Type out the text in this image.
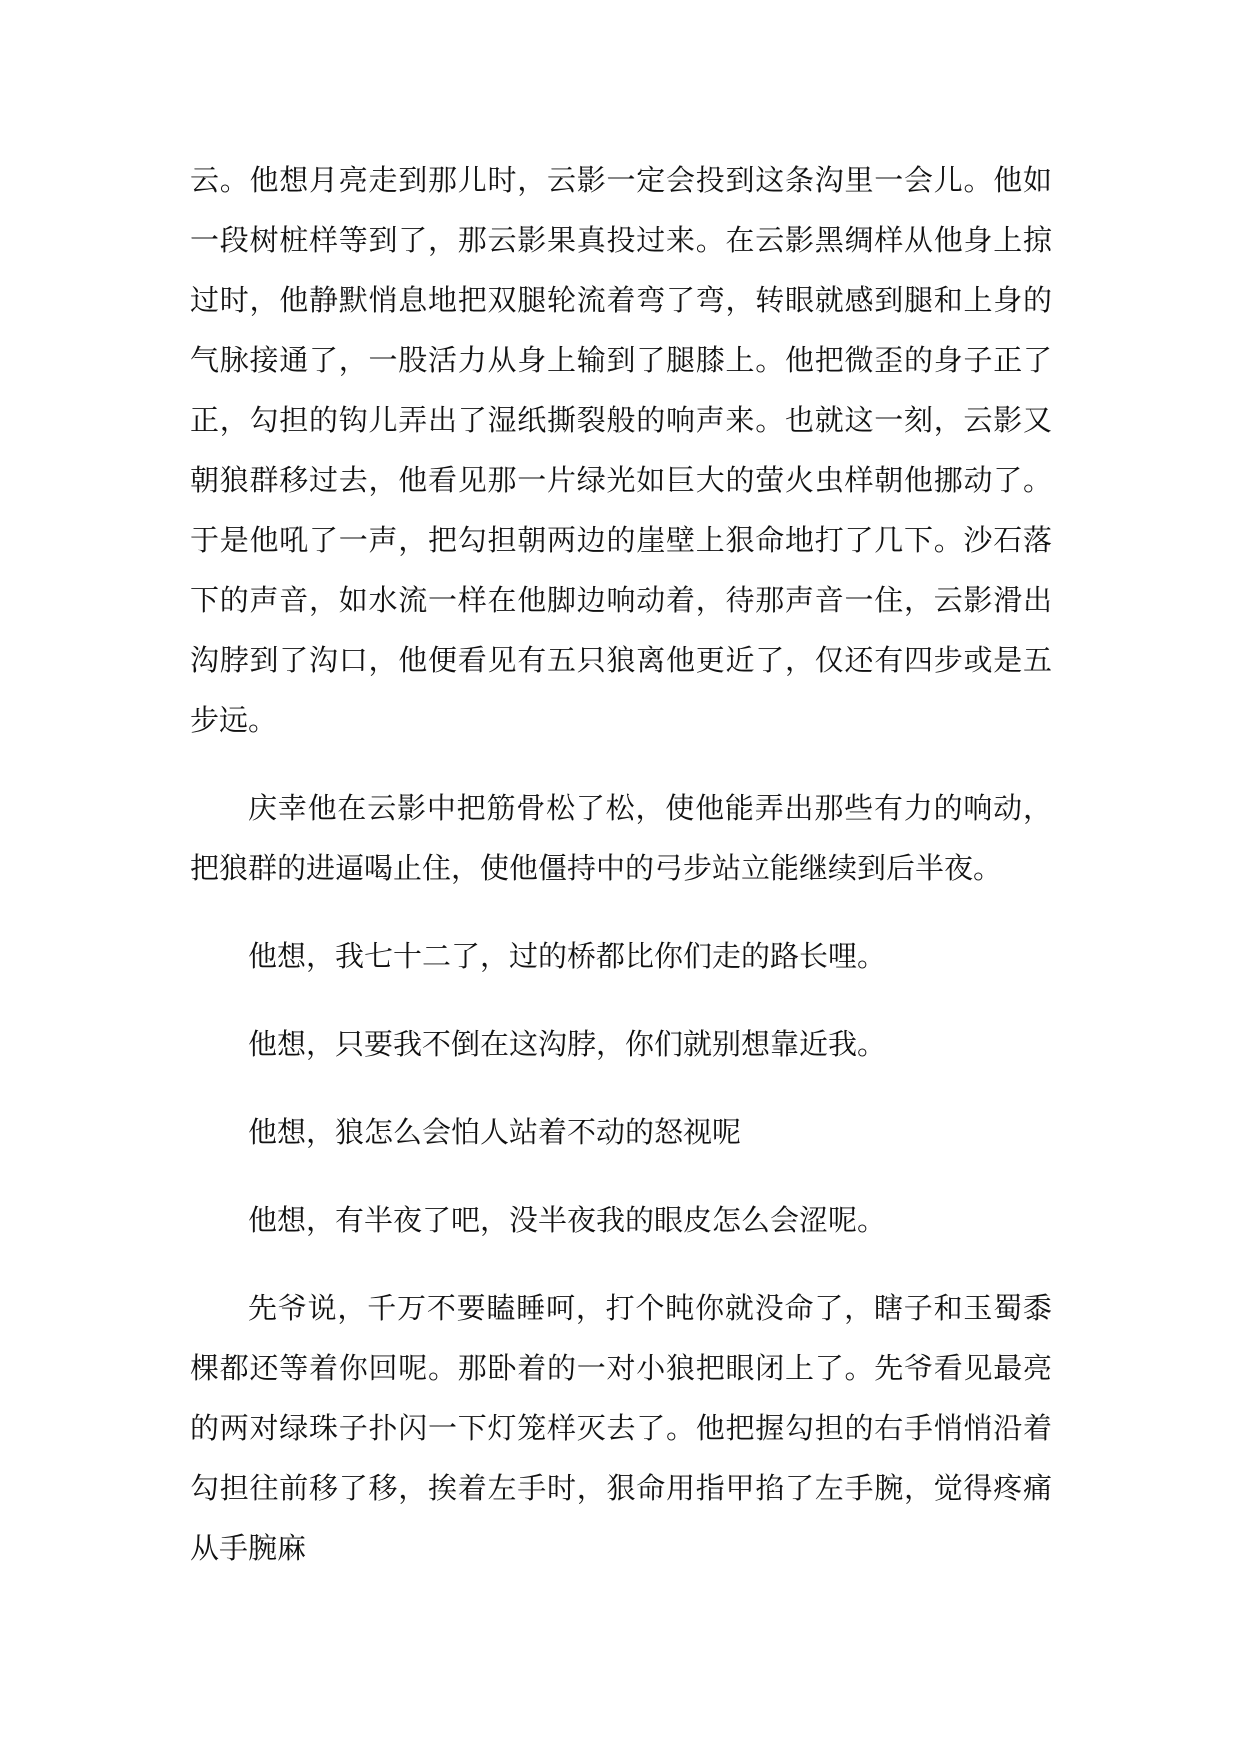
云。他想月亮走到那儿时，云影一定会投到这条沟里一会儿。他如一段树桩样等到了，那云影果真投过来。在云影黑绸样从他身上掠过时，他静默悄息地把双腿轮流着弯了弯，转眼就感到腿和上身的气脉接通了，一股活力从身上输到了腿膝上。他把微歪的身子正了正，勾担的钩儿弄出了湿纸撕裂般的响声来。也就这一刻，云影又朝狼群移过去，他看见那一片绿光如巨大的萤火虫样朝他挪动了。于是他吼了一声，把勾担朝两边的崖壁上狠命地打了几下。沙石落下的声音，如水流一样在他脚边响动着，待那声音一住，云影滑出沟脖到了沟口，他便看见有五只狼离他更近了，仅还有四步或是五步远。

庆幸他在云影中把筋骨松了松，使他能弄出那些有力的响动，把狼群的进逼喝止住，使他僵持中的弓步站立能继续到后半夜。

他想，我七十二了，过的桥都比你们走的路长哩。

他想，只要我不倒在这沟脖，你们就别想靠近我。

他想，狼怎么会怕人站着不动的怒视呢

他想，有半夜了吧，没半夜我的眼皮怎么会涩呢。

先爷说，千万不要瞌睡呵，打个盹你就没命了，瞎子和玉蜀黍棵都还等着你回呢。那卧着的一对小狼把眼闭上了。先爷看见最亮的两对绿珠子扑闪一下灯笼样灭去了。他把握勾担的右手悄悄沿着勾担往前移了移，挨着左手时，狠命用指甲掐了左手腕，觉得疼痛从手腕麻
